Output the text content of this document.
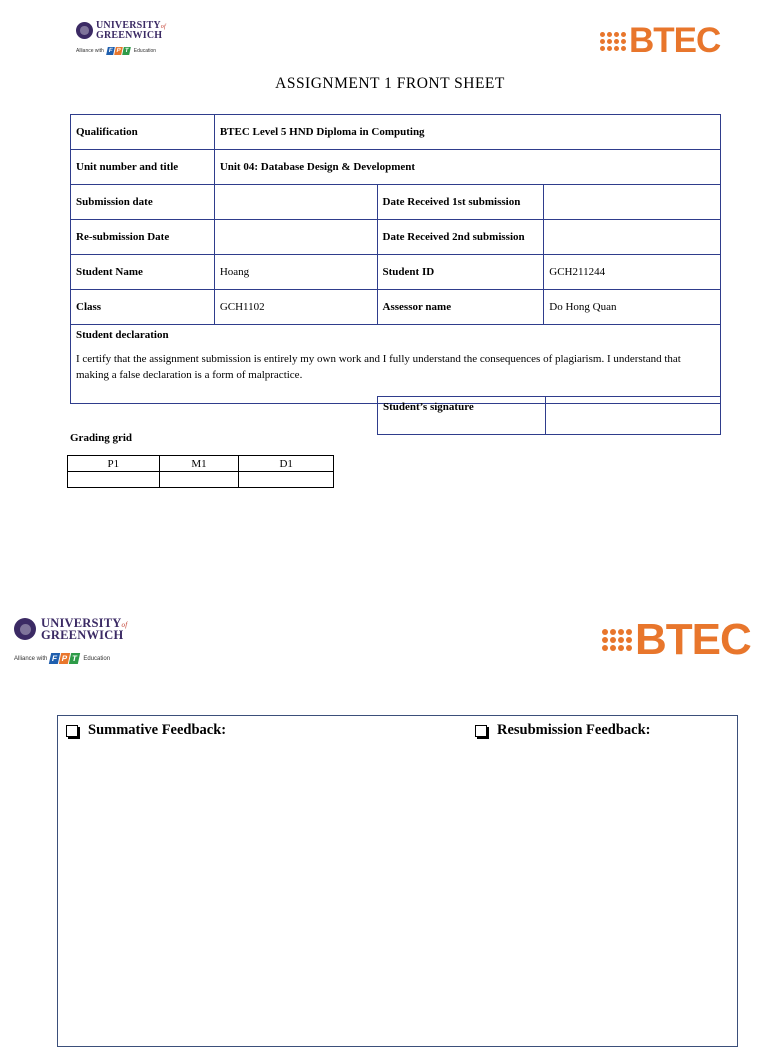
UNIVERSITYof
GREENWICH
Alliance with F P T	Education	BTEC
ASSIGNMENT 1 FRONT SHEET
Qualification	BTEC Level 5 HND Diploma in Computing		
Unit number and title	Unit 04: Database Design & Development		
Submission date		Date Received 1st submission	
Re-submission Date		Date Received 2nd submission	
Student Name	Hoang	Student ID	GCH211244
Class	GCH1102	Assessor name	Do Hong Quan

Student declaration
I certify that the assignment submission is entirely my own work and I fully understand the consequences of plagiarism. I understand that making a false declaration is a form of malpractice.			
Student’s signature	
Grading grid
P1	M1	D1

UNIVERSITYof
GREENWICH
Alliance with F P T Education	BTEC
Summative Feedback:	Resubmission Feedback:
